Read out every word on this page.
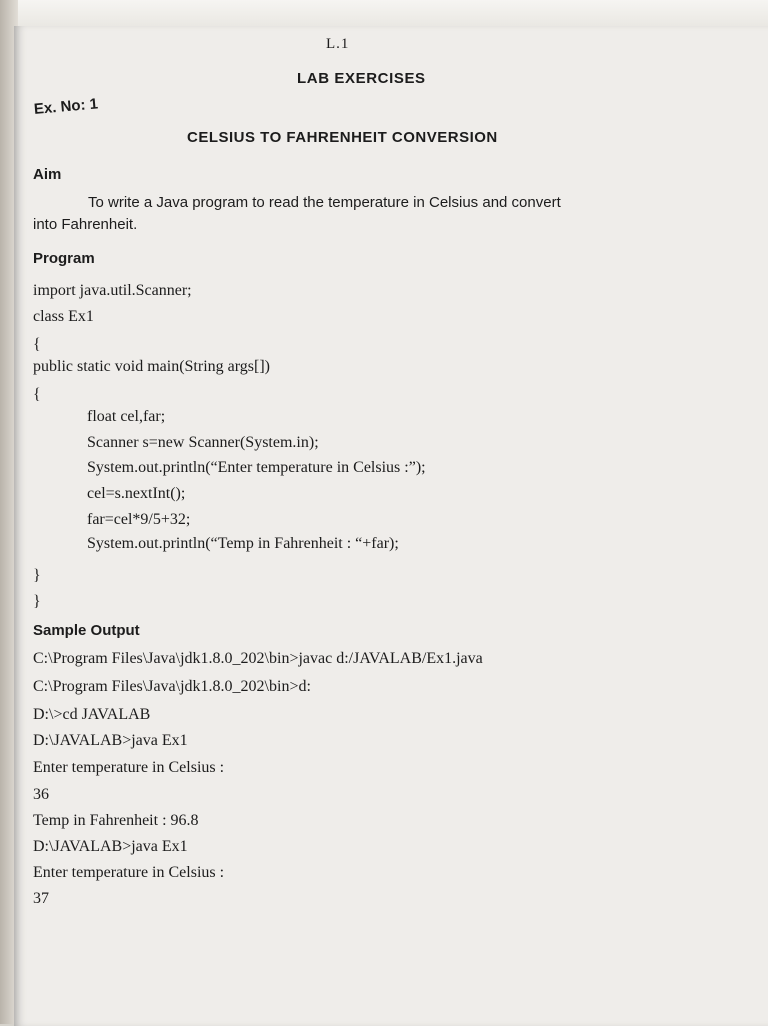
L.1
LAB EXERCISES
Ex. No: 1
CELSIUS TO FAHRENHEIT CONVERSION
Aim
To write a Java program to read the temperature in Celsius and convert
into Fahrenheit.
Program
import java.util.Scanner;
class Ex1
{
public static void main(String args[])
{
float cel,far;
Scanner s=new Scanner(System.in);
System.out.println(“Enter temperature in Celsius :”);
cel=s.nextInt();
far=cel*9/5+32;
System.out.println(“Temp in Fahrenheit : “+far);
}
}
Sample Output
C:\Program Files\Java\jdk1.8.0_202\bin>javac d:/JAVALAB/Ex1.java
C:\Program Files\Java\jdk1.8.0_202\bin>d:
D:\>cd JAVALAB
D:\JAVALAB>java Ex1
Enter temperature in Celsius :
36
Temp in Fahrenheit : 96.8
D:\JAVALAB>java Ex1
Enter temperature in Celsius :
37
